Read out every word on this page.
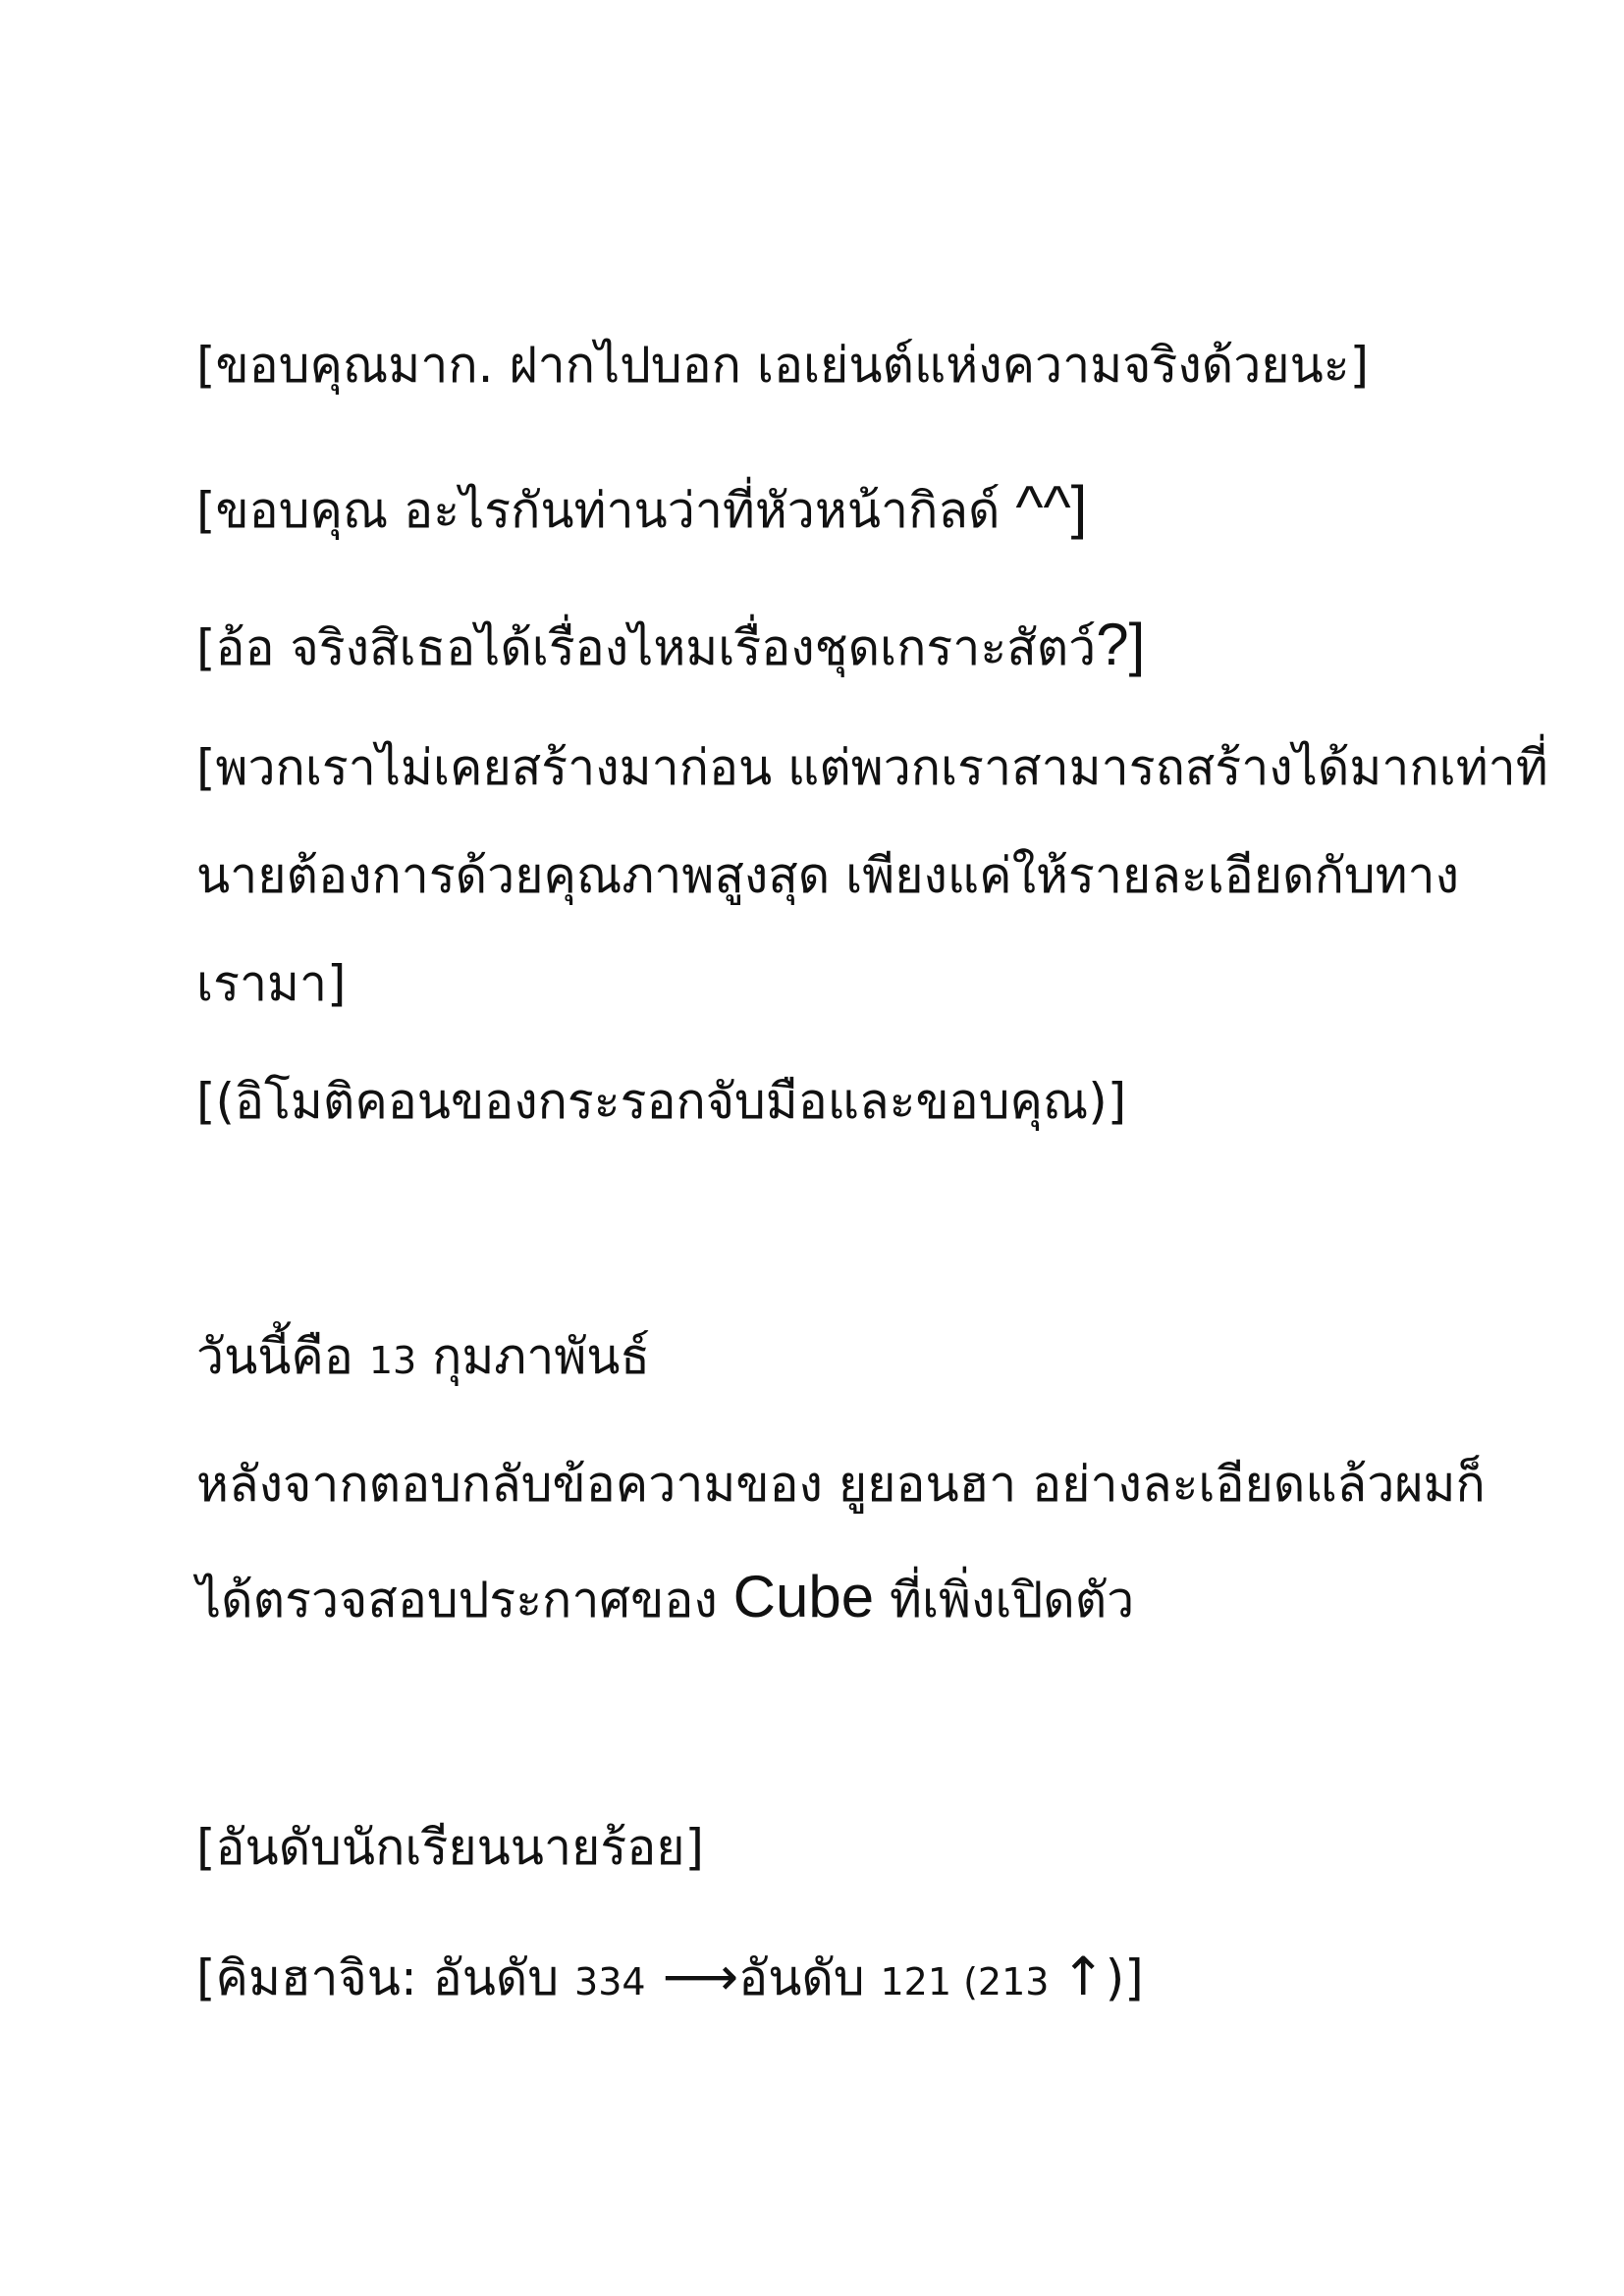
[ขอบคุณมาก. ฝากไปบอก เอเย่นต์แห่งความจริงด้วยนะ]
[ขอบคุณ อะไรกันท่านว่าที่หัวหน้ากิลด์ ^^]
[อ้อ จริงสิเธอได้เรื่องไหมเรื่องชุดเกราะสัตว์?]
[พวกเราไม่เคยสร้างมาก่อน แต่พวกเราสามารถสร้างได้มากเท่าที่
นายต้องการด้วยคุณภาพสูงสุด เพียงแค่ให้รายละเอียดกับทาง
เรามา]
[(อิโมติคอนของกระรอกจับมือและขอบคุณ)]
วันนี้คือ 13 กุมภาพันธ์
หลังจากตอบกลับข้อความของ ยูยอนฮา อย่างละเอียดแล้วผมก็
ได้ตรวจสอบประกาศของ Cube ที่เพิ่งเปิดตัว
[อันดับนักเรียนนายร้อย]
[คิมฮาจิน: อันดับ 334 ⟶อันดับ 121 (213 ↑)]
